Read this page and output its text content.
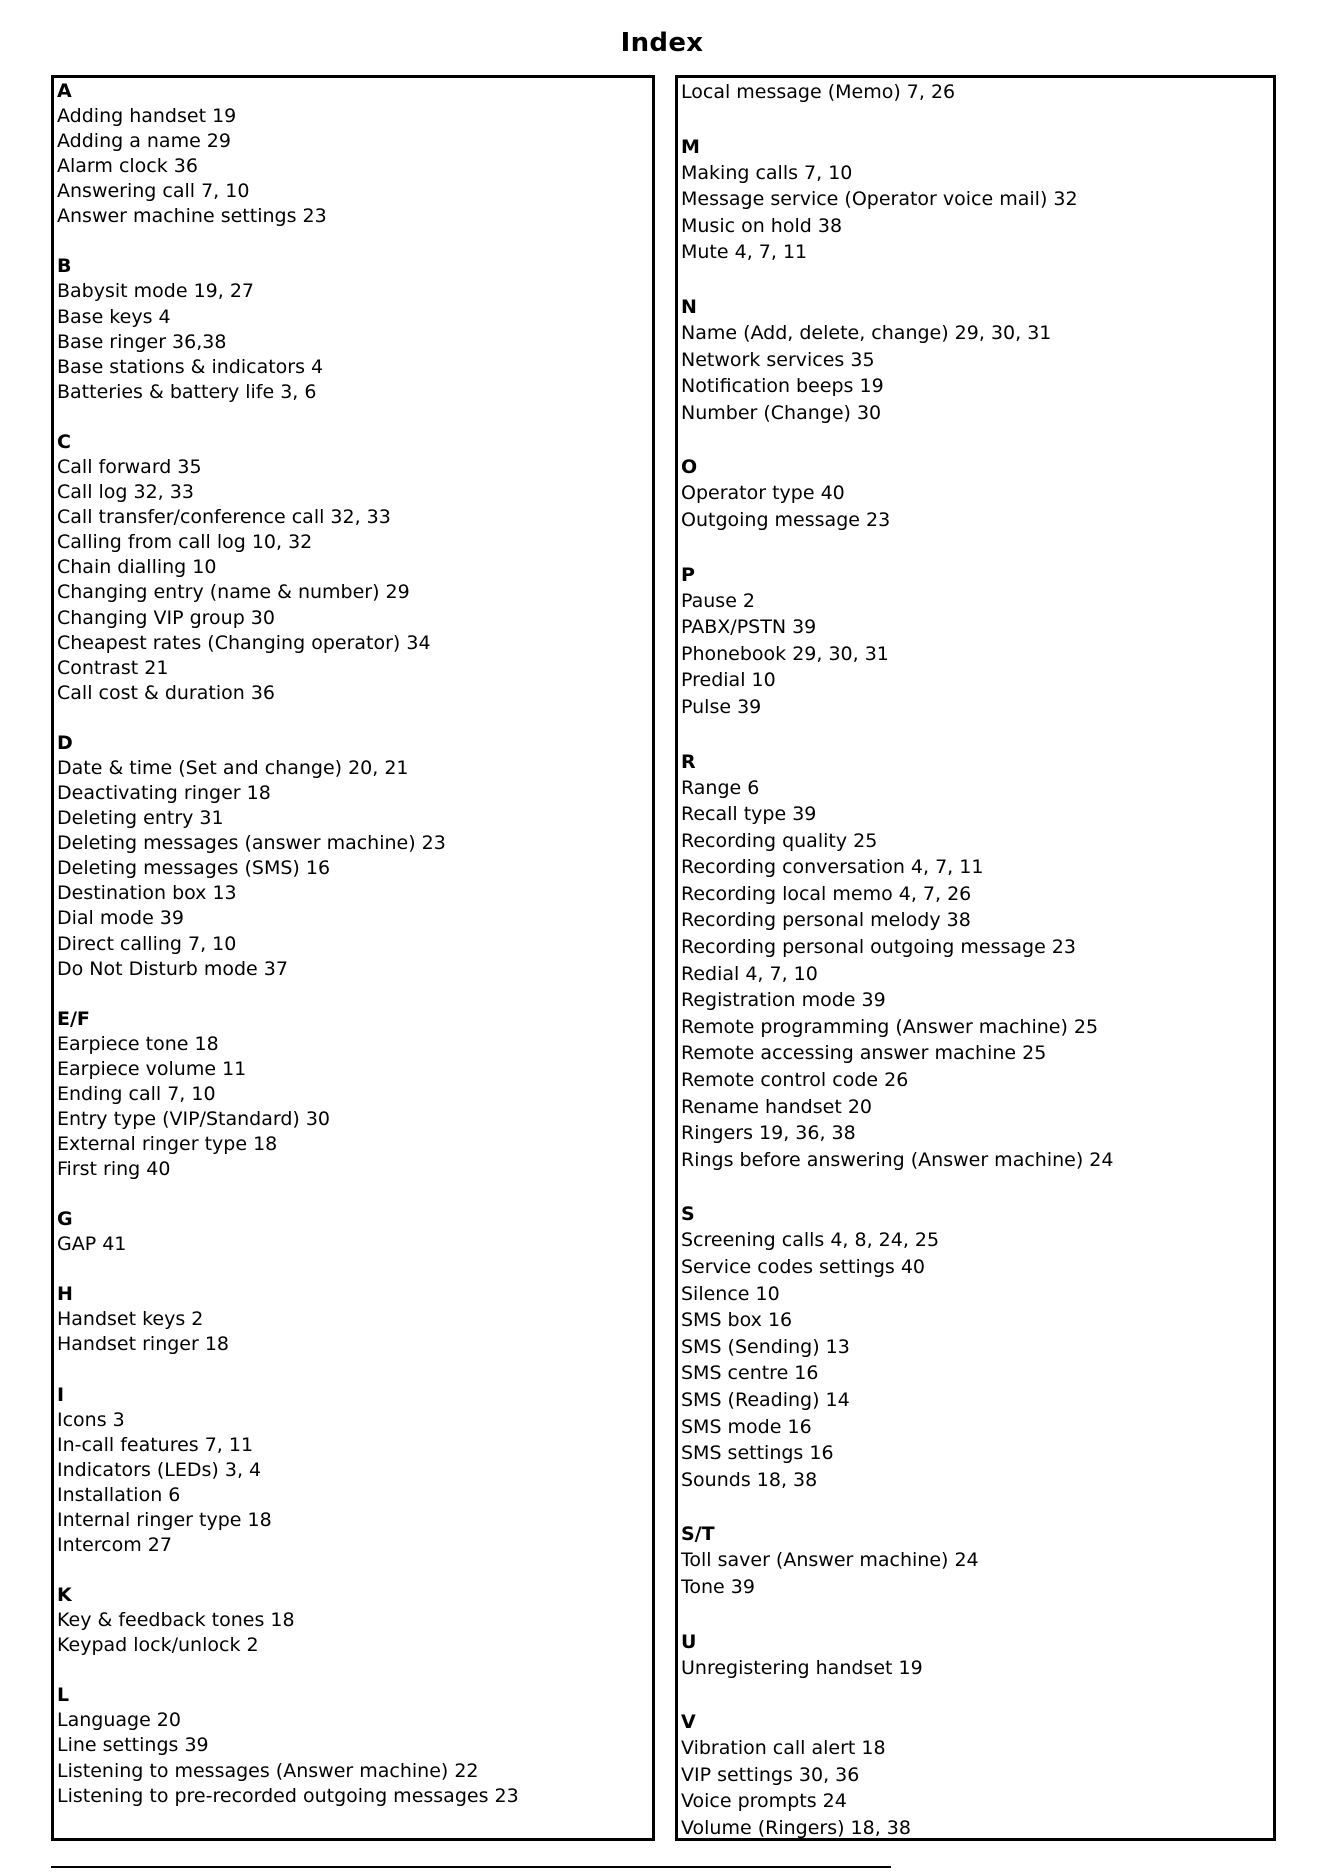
Index
A
Adding handset 19
Adding a name 29
Alarm clock 36
Answering call 7, 10
Answer machine settings 23
B
Babysit mode 19, 27
Base keys 4
Base ringer 36,38
Base stations & indicators 4
Batteries & battery life 3, 6
C
Call forward 35
Call log 32, 33
Call transfer/conference call 32, 33
Calling from call log 10, 32
Chain dialling 10
Changing entry (name & number) 29
Changing VIP group 30
Cheapest rates (Changing operator) 34
Contrast 21
Call cost & duration 36
D
Date & time (Set and change) 20, 21
Deactivating ringer 18
Deleting entry 31
Deleting messages (answer machine) 23
Deleting messages (SMS) 16
Destination box 13
Dial mode 39
Direct calling 7, 10
Do Not Disturb mode 37
E/F
Earpiece tone 18
Earpiece volume 11
Ending call 7, 10
Entry type (VIP/Standard) 30
External ringer type 18
First ring 40
G
GAP 41
H
Handset keys 2
Handset ringer 18
I
Icons 3
In-call features 7, 11
Indicators (LEDs) 3, 4
Installation 6
Internal ringer type 18
Intercom 27
K
Key & feedback tones 18
Keypad lock/unlock 2
L
Language 20
Line settings 39
Listening to messages (Answer machine) 22
Listening to pre-recorded outgoing messages 23
Local message (Memo) 7, 26
M
Making calls 7, 10
Message service (Operator voice mail) 32
Music on hold 38
Mute 4, 7, 11
N
Name (Add, delete, change) 29, 30, 31
Network services 35
Notification beeps 19
Number (Change) 30
O
Operator type 40
Outgoing message 23
P
Pause 2
PABX/PSTN 39
Phonebook 29, 30, 31
Predial 10
Pulse 39
R
Range 6
Recall type 39
Recording quality 25
Recording conversation 4, 7, 11
Recording local memo 4, 7, 26
Recording personal melody 38
Recording personal outgoing message 23
Redial 4, 7, 10
Registration mode 39
Remote programming (Answer machine) 25
Remote accessing answer machine 25
Remote control code 26
Rename handset 20
Ringers 19, 36, 38
Rings before answering (Answer machine) 24
S
Screening calls 4, 8, 24, 25
Service codes settings 40
Silence 10
SMS box 16
SMS (Sending) 13
SMS centre 16
SMS (Reading) 14
SMS mode 16
SMS settings 16
Sounds 18, 38
S/T
Toll saver (Answer machine) 24
Tone 39
U
Unregistering handset 19
V
Vibration call alert 18
VIP settings 30, 36
Voice prompts 24
Volume (Ringers) 18, 38
